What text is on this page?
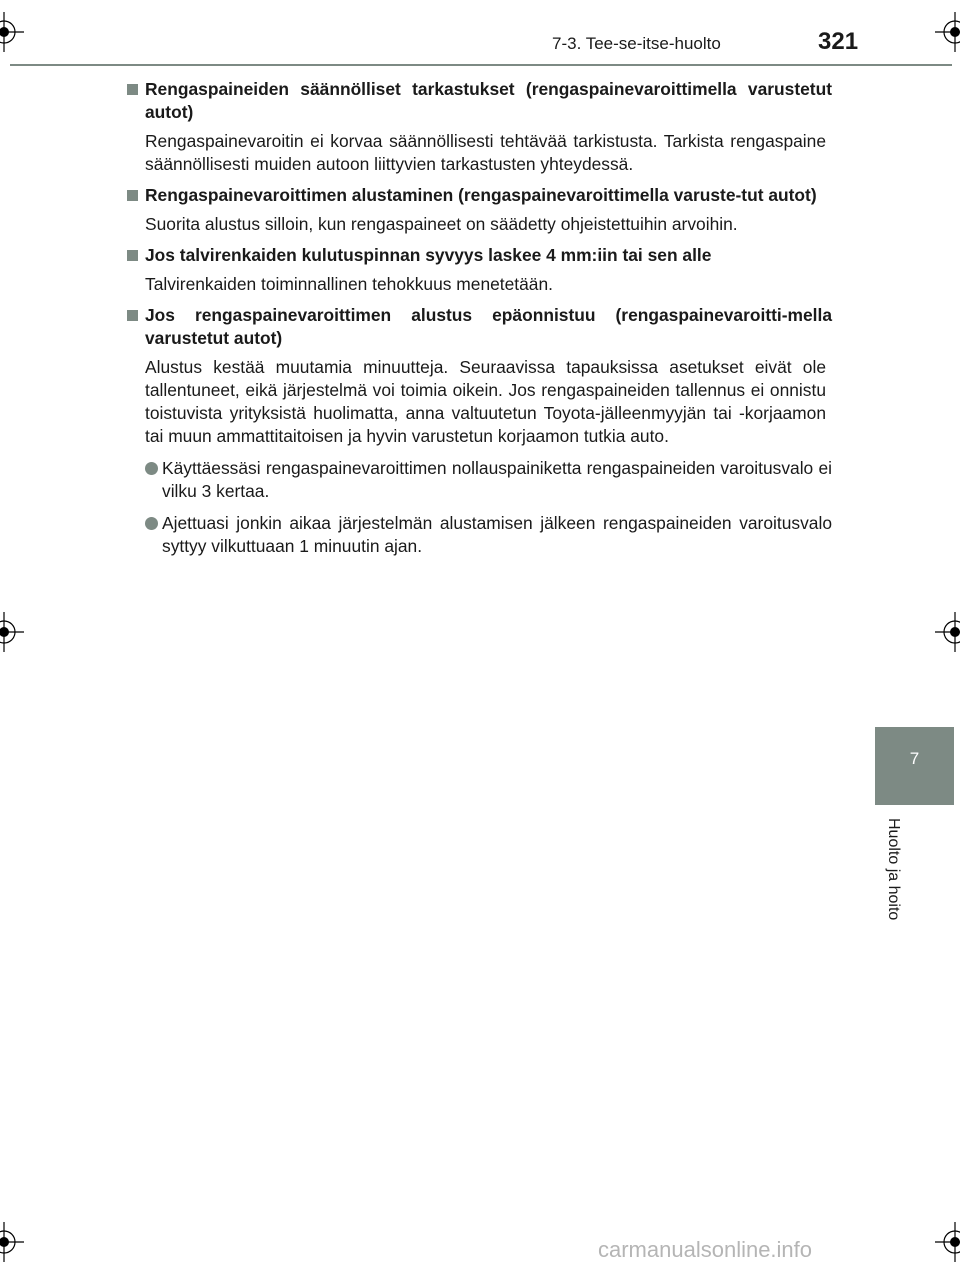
7-3. Tee-se-itse-huolto	321
7
Huolto ja hoito
Rengaspaineiden säännölliset tarkastukset (rengaspainevaroittimella varustetut autot)
Rengaspainevaroitin ei korvaa säännöllisesti tehtävää tarkistusta. Tarkista rengaspaine säännöllisesti muiden autoon liittyvien tarkastusten yhteydessä.
Rengaspainevaroittimen alustaminen (rengaspainevaroittimella varuste-tut autot)
Suorita alustus silloin, kun rengaspaineet on säädetty ohjeistettuihin arvoihin.
Jos talvirenkaiden kulutuspinnan syvyys laskee 4 mm:iin tai sen alle
Talvirenkaiden toiminnallinen tehokkuus menetetään.
Jos rengaspainevaroittimen alustus epäonnistuu (rengaspainevaroitti-mella varustetut autot)
Alustus kestää muutamia minuutteja. Seuraavissa tapauksissa asetukset eivät ole tallentuneet, eikä järjestelmä voi toimia oikein. Jos rengaspaineiden tallennus ei onnistu toistuvista yrityksistä huolimatta, anna valtuutetun Toyota-jälleenmyyjän tai -korjaamon tai muun ammattitaitoisen ja hyvin varustetun korjaamon tutkia auto.
Käyttäessäsi rengaspainevaroittimen nollauspainiketta rengaspaineiden varoitusvalo ei vilku 3 kertaa.
Ajettuasi jonkin aikaa järjestelmän alustamisen jälkeen rengaspaineiden varoitusvalo syttyy vilkuttuaan 1 minuutin ajan.
carmanualsonline.info
